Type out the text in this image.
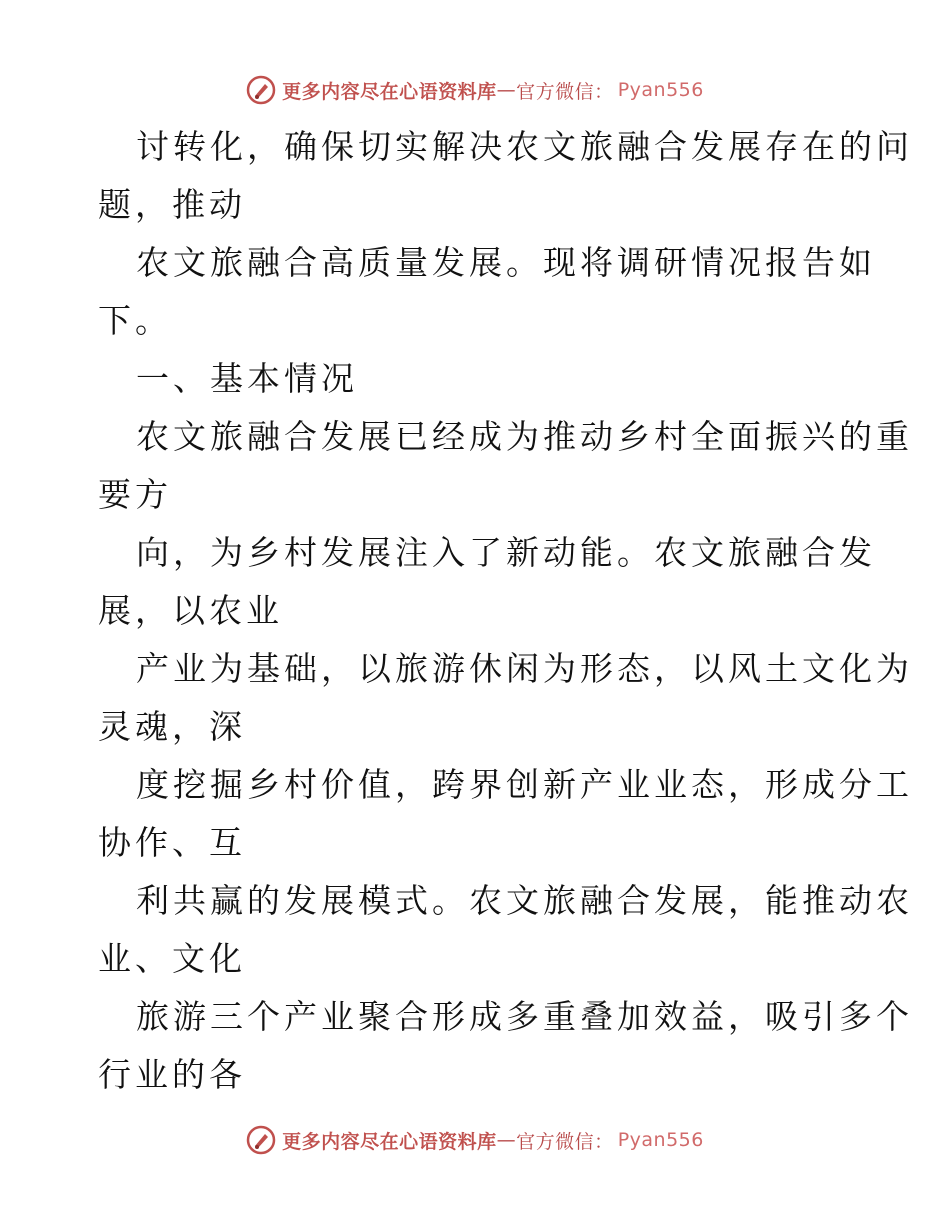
更多内容尽在心语资料库 — 官方微信： Pyan556
讨转化，确保切实解决农文旅融合发展存在的问
题，推动
农文旅融合高质量发展。现将调研情况报告如
下。
一、基本情况
农文旅融合发展已经成为推动乡村全面振兴的重
要方
向，为乡村发展注入了新动能。农文旅融合发
展，以农业
产业为基础，以旅游休闲为形态，以风土文化为
灵魂，深
度挖掘乡村价值，跨界创新产业业态，形成分工
协作、互
利共赢的发展模式。农文旅融合发展，能推动农
业、文化
旅游三个产业聚合形成多重叠加效益，吸引多个
行业的各
更多内容尽在心语资料库 — 官方微信： Pyan556
